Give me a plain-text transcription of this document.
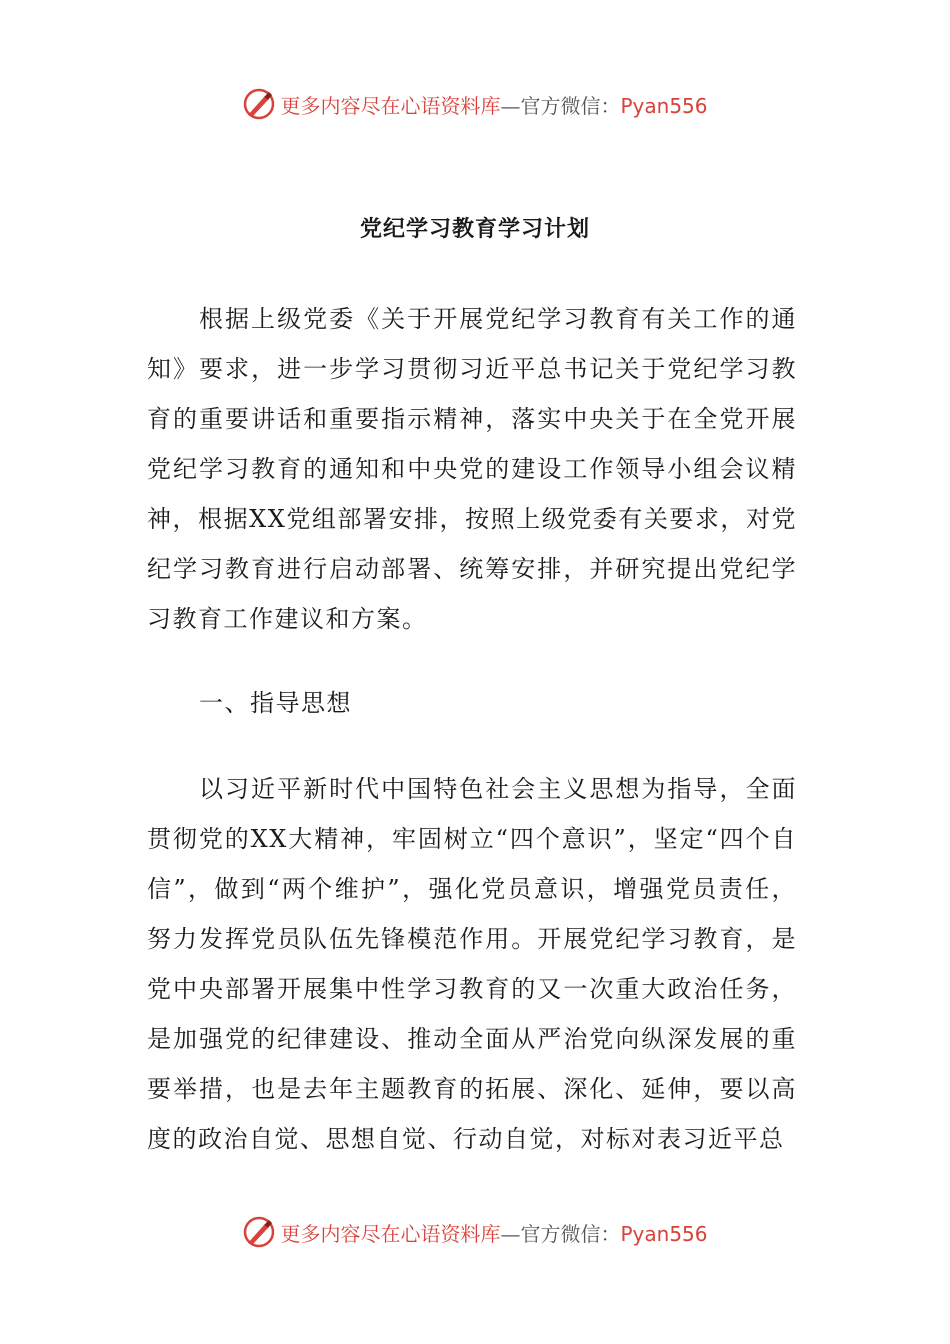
更多内容尽在心语资料库—官方微信：Pyan556
党纪学习教育学习计划

根据上级党委《关于开展党纪学习教育有关工作的通知》要求，进一步学习贯彻习近平总书记关于党纪学习教育的重要讲话和重要指示精神，落实中央关于在全党开展党纪学习教育的通知和中央党的建设工作领导小组会议精神，根据XX党组部署安排，按照上级党委有关要求，对党纪学习教育进行启动部署、统筹安排，并研究提出党纪学习教育工作建议和方案。

一、指导思想

以习近平新时代中国特色社会主义思想为指导，全面贯彻党的XX大精神，牢固树立“四个意识”，坚定“四个自信”，做到“两个维护”，强化党员意识，增强党员责任，努力发挥党员队伍先锋模范作用。开展党纪学习教育，是党中央部署开展集中性学习教育的又一次重大政治任务，是加强党的纪律建设、推动全面从严治党向纵深发展的重要举措，也是去年主题教育的拓展、深化、延伸，要以高度的政治自觉、思想自觉、行动自觉，对标对表习近平总

更多内容尽在心语资料库—官方微信：Pyan556
